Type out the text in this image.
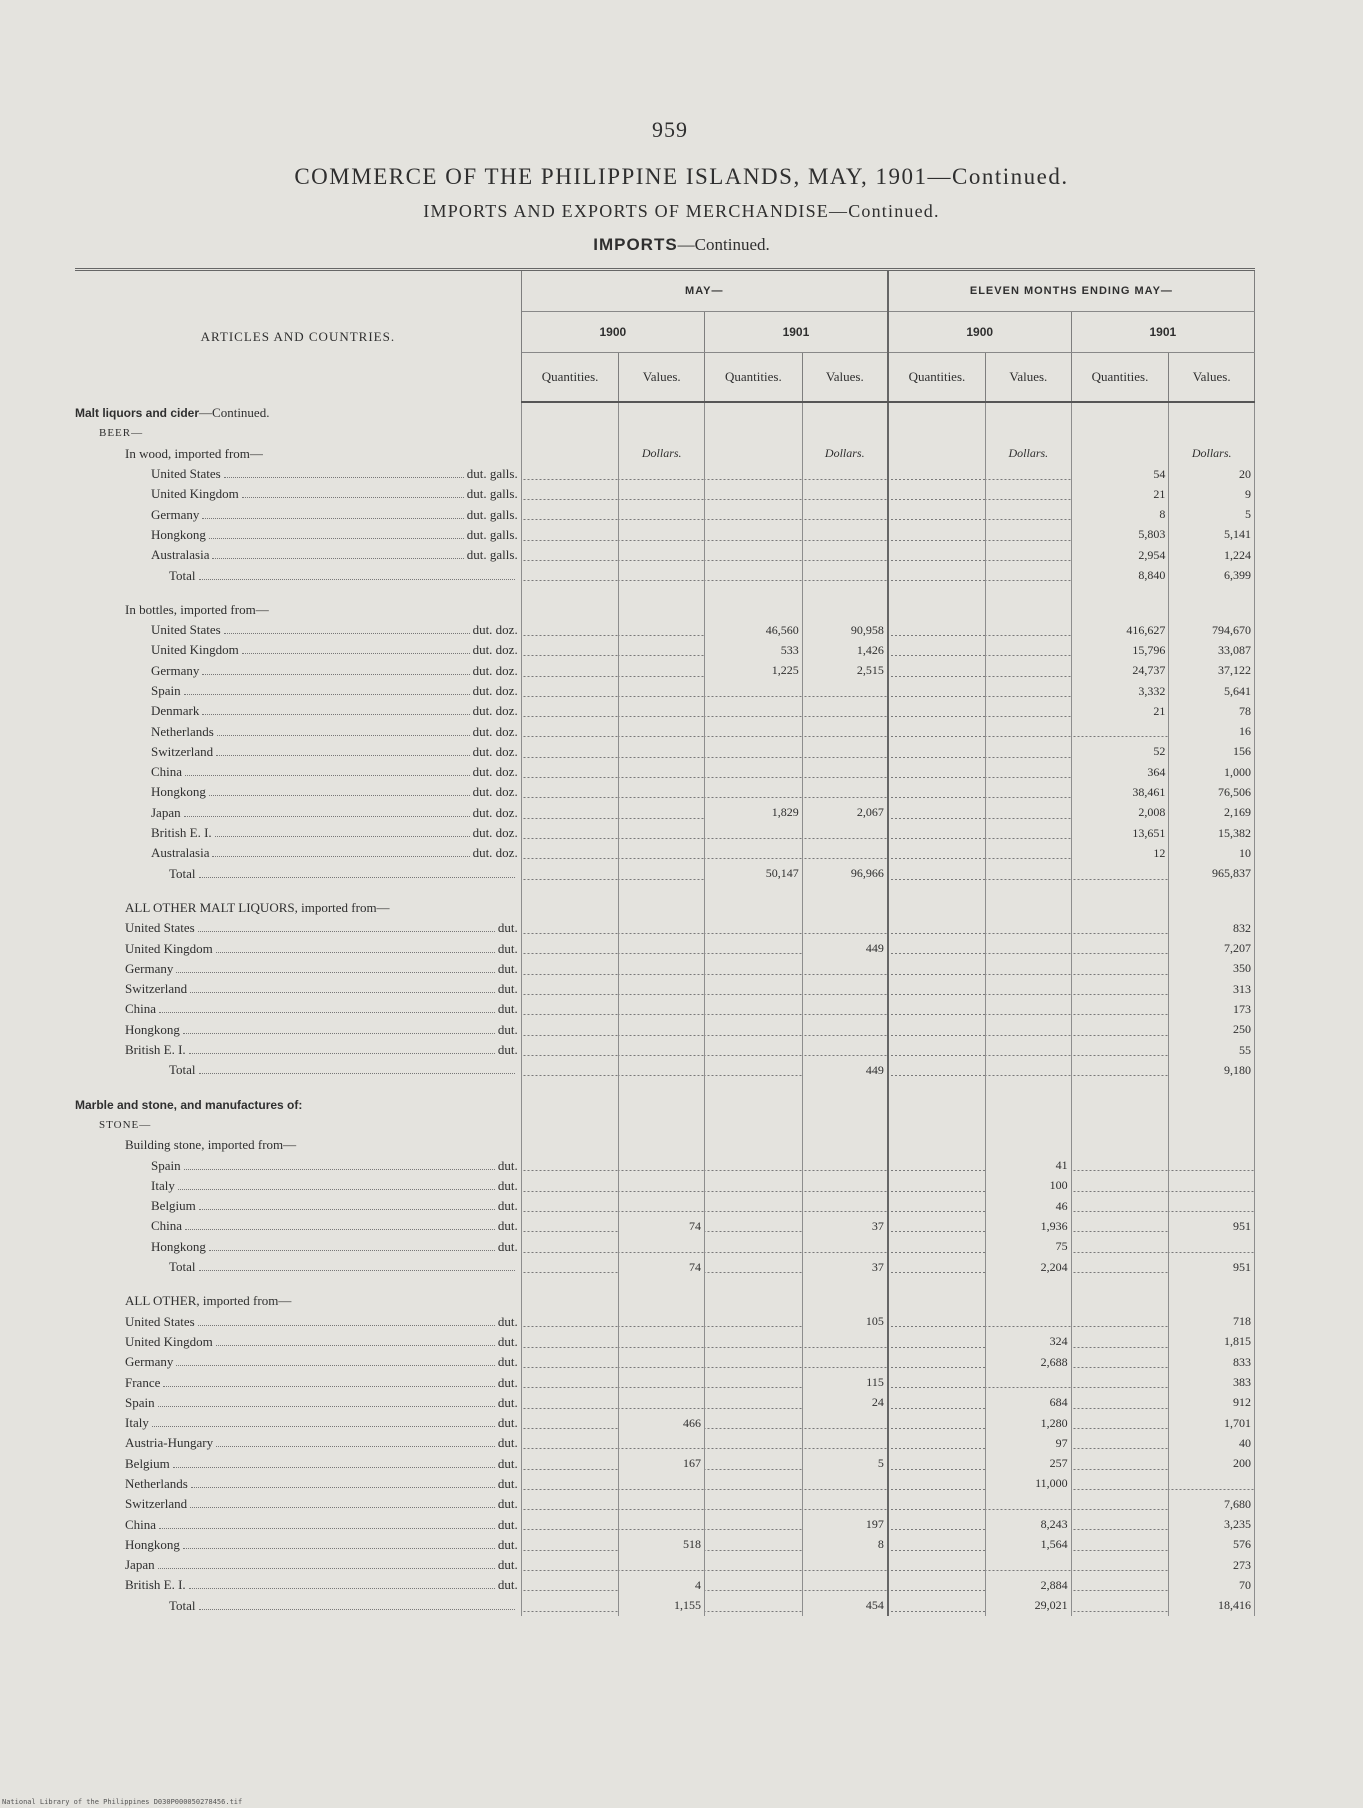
959
COMMERCE OF THE PHILIPPINE ISLANDS, MAY, 1901—Continued.
IMPORTS AND EXPORTS OF MERCHANDISE—Continued.
IMPORTS—Continued.
ARTICLES AND COUNTRIES.	MAY—				ELEVEN MONTHS ENDING MAY—			
	1900		1901		1900		1901	
	Quantities.	Values.	Quantities.	Values.	Quantities.	Values.	Quantities.	Values.

Malt liquors and cider —Continued.								

BEER—								

In wood, imported from—		Dollars.		Dollars.		Dollars.		Dollars.

United States dut. galls.							54	20

United Kingdom dut. galls.							21	9

Germany dut. galls.							8	5

Hongkong dut. galls.							5,803	5,141

Australasia dut. galls.							2,954	1,224

Total							8,840	6,399

In bottles, imported from—								

United States dut. doz.			46,560	90,958			416,627	794,670

United Kingdom dut. doz.			533	1,426			15,796	33,087

Germany dut. doz.			1,225	2,515			24,737	37,122

Spain dut. doz.							3,332	5,641

Denmark dut. doz.							21	78

Netherlands dut. doz.								16

Switzerland dut. doz.							52	156

China dut. doz.							364	1,000

Hongkong dut. doz.							38,461	76,506

Japan dut. doz.			1,829	2,067			2,008	2,169

British E. I. dut. doz.							13,651	15,382

Australasia dut. doz.							12	10

Total			50,147	96,966				965,837

ALL OTHER MALT LIQUORS, imported from—								

United States dut.								832

United Kingdom dut.				449				7,207

Germany dut.								350

Switzerland dut.								313

China dut.								173

Hongkong dut.								250

British E. I. dut.								55

Total				449				9,180

Marble and stone, and manufactures of:								

STONE—								

Building stone, imported from—								

Spain dut.						41		

Italy dut.						100		

Belgium dut.						46		

China dut.		74		37		1,936		951

Hongkong dut.						75		

Total		74		37		2,204		951

ALL OTHER, imported from—								

United States dut.				105				718

United Kingdom dut.						324		1,815

Germany dut.						2,688		833

France dut.				115				383

Spain dut.				24		684		912

Italy dut.		466				1,280		1,701

Austria-Hungary dut.						97		40

Belgium dut.		167		5		257		200

Netherlands dut.						11,000		

Switzerland dut.								7,680

China dut.				197		8,243		3,235

Hongkong dut.		518		8		1,564		576

Japan dut.								273

British E. I. dut.		4				2,884		70

Total		1,155		454		29,021		18,416
National Library of the Philippines D030P000050278456.tif
